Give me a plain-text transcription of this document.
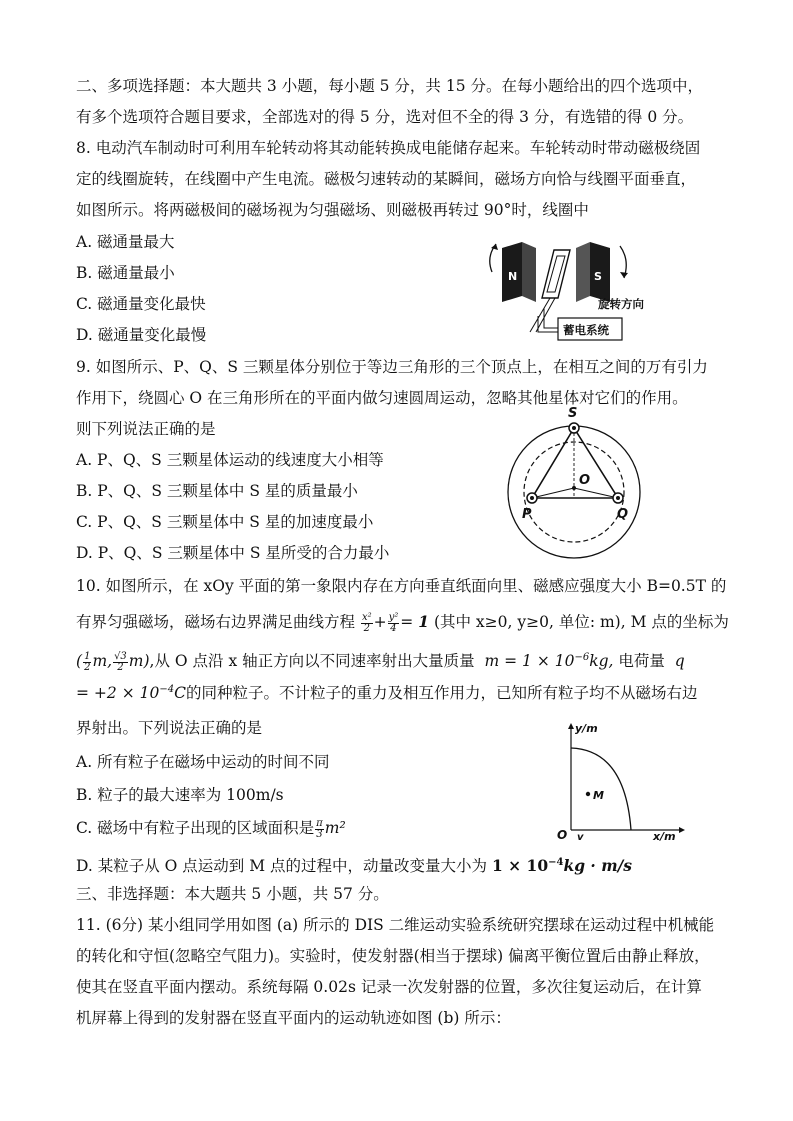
二、多项选择题：本大题共 3 小题，每小题 5 分，共 15 分。在每小题给出的四个选项中，
有多个选项符合题目要求，全部选对的得 5 分，选对但不全的得 3 分，有选错的得 0 分。
8. 电动汽车制动时可利用车轮转动将其动能转换成电能储存起来。车轮转动时带动磁极绕固
定的线圈旋转，在线圈中产生电流。磁极匀速转动的某瞬间，磁场方向恰与线圈平面垂直，
如图所示。将两磁极间的磁场视为匀强磁场、则磁极再转过 90°时，线圈中
A. 磁通量最大
B. 磁通量最小
C. 磁通量变化最快
D. 磁通量变化最慢
N	S
旋转方向
蓄电系统
9. 如图所示、P、Q、S 三颗星体分别位于等边三角形的三个顶点上，在相互之间的万有引力
作用下，绕圆心 O 在三角形所在的平面内做匀速圆周运动，忽略其他星体对它们的作用。
则下列说法正确的是
A. P、Q、S 三颗星体运动的线速度大小相等
B. P、Q、S 三颗星体中 S 星的质量最小
C. P、Q、S 三颗星体中 S 星的加速度最小
D. P、Q、S 三颗星体中 S 星所受的合力最小
S
O
P	Q
10. 如图所示，在 xOy 平面的第一象限内存在方向垂直纸面向里、磁感应强度大小 B=0.5T 的
有界匀强磁场，磁场右边界满足曲线方程 $\frac{\text{x²}}{2} + \frac{\text{y²}}{4} = 1$ (其中 x≥0, y≥0, 单位: m), M 点的坐标为
( $\frac{1}{2} m$, $\frac{√3}{2} m$),从 O 点沿 x 轴正方向以不同速率射出大量质量  $m = 1 \times 10^{-6}kg$, 电荷量  q
= $+2 \times 10^{-4}C$的同种粒子。不计粒子的重力及相互作用力，已知所有粒子均不从磁场右边
界射出。下列说法正确的是
A. 所有粒子在磁场中运动的时间不同
B. 粒子的最大速率为 100m/s
C. 磁场中有粒子出现的区域面积是 $\frac{\pi}{3} m^2$
D. 某粒子从 O 点运动到 M 点的过程中，动量改变量大小为 $1 \times 10^{-4}kg \cdot m/s$
M
y/m
x/m
O v
三、非选择题：本大题共 5 小题，共 57 分。
11. (6分) 某小组同学用如图 (a) 所示的 DIS 二维运动实验系统研究摆球在运动过程中机械能
的转化和守恒(忽略空气阻力)。实验时，使发射器(相当于摆球) 偏离平衡位置后由静止释放，
使其在竖直平面内摆动。系统每隔 0.02s 记录一次发射器的位置，多次往复运动后，在计算
机屏幕上得到的发射器在竖直平面内的运动轨迹如图 (b) 所示：
